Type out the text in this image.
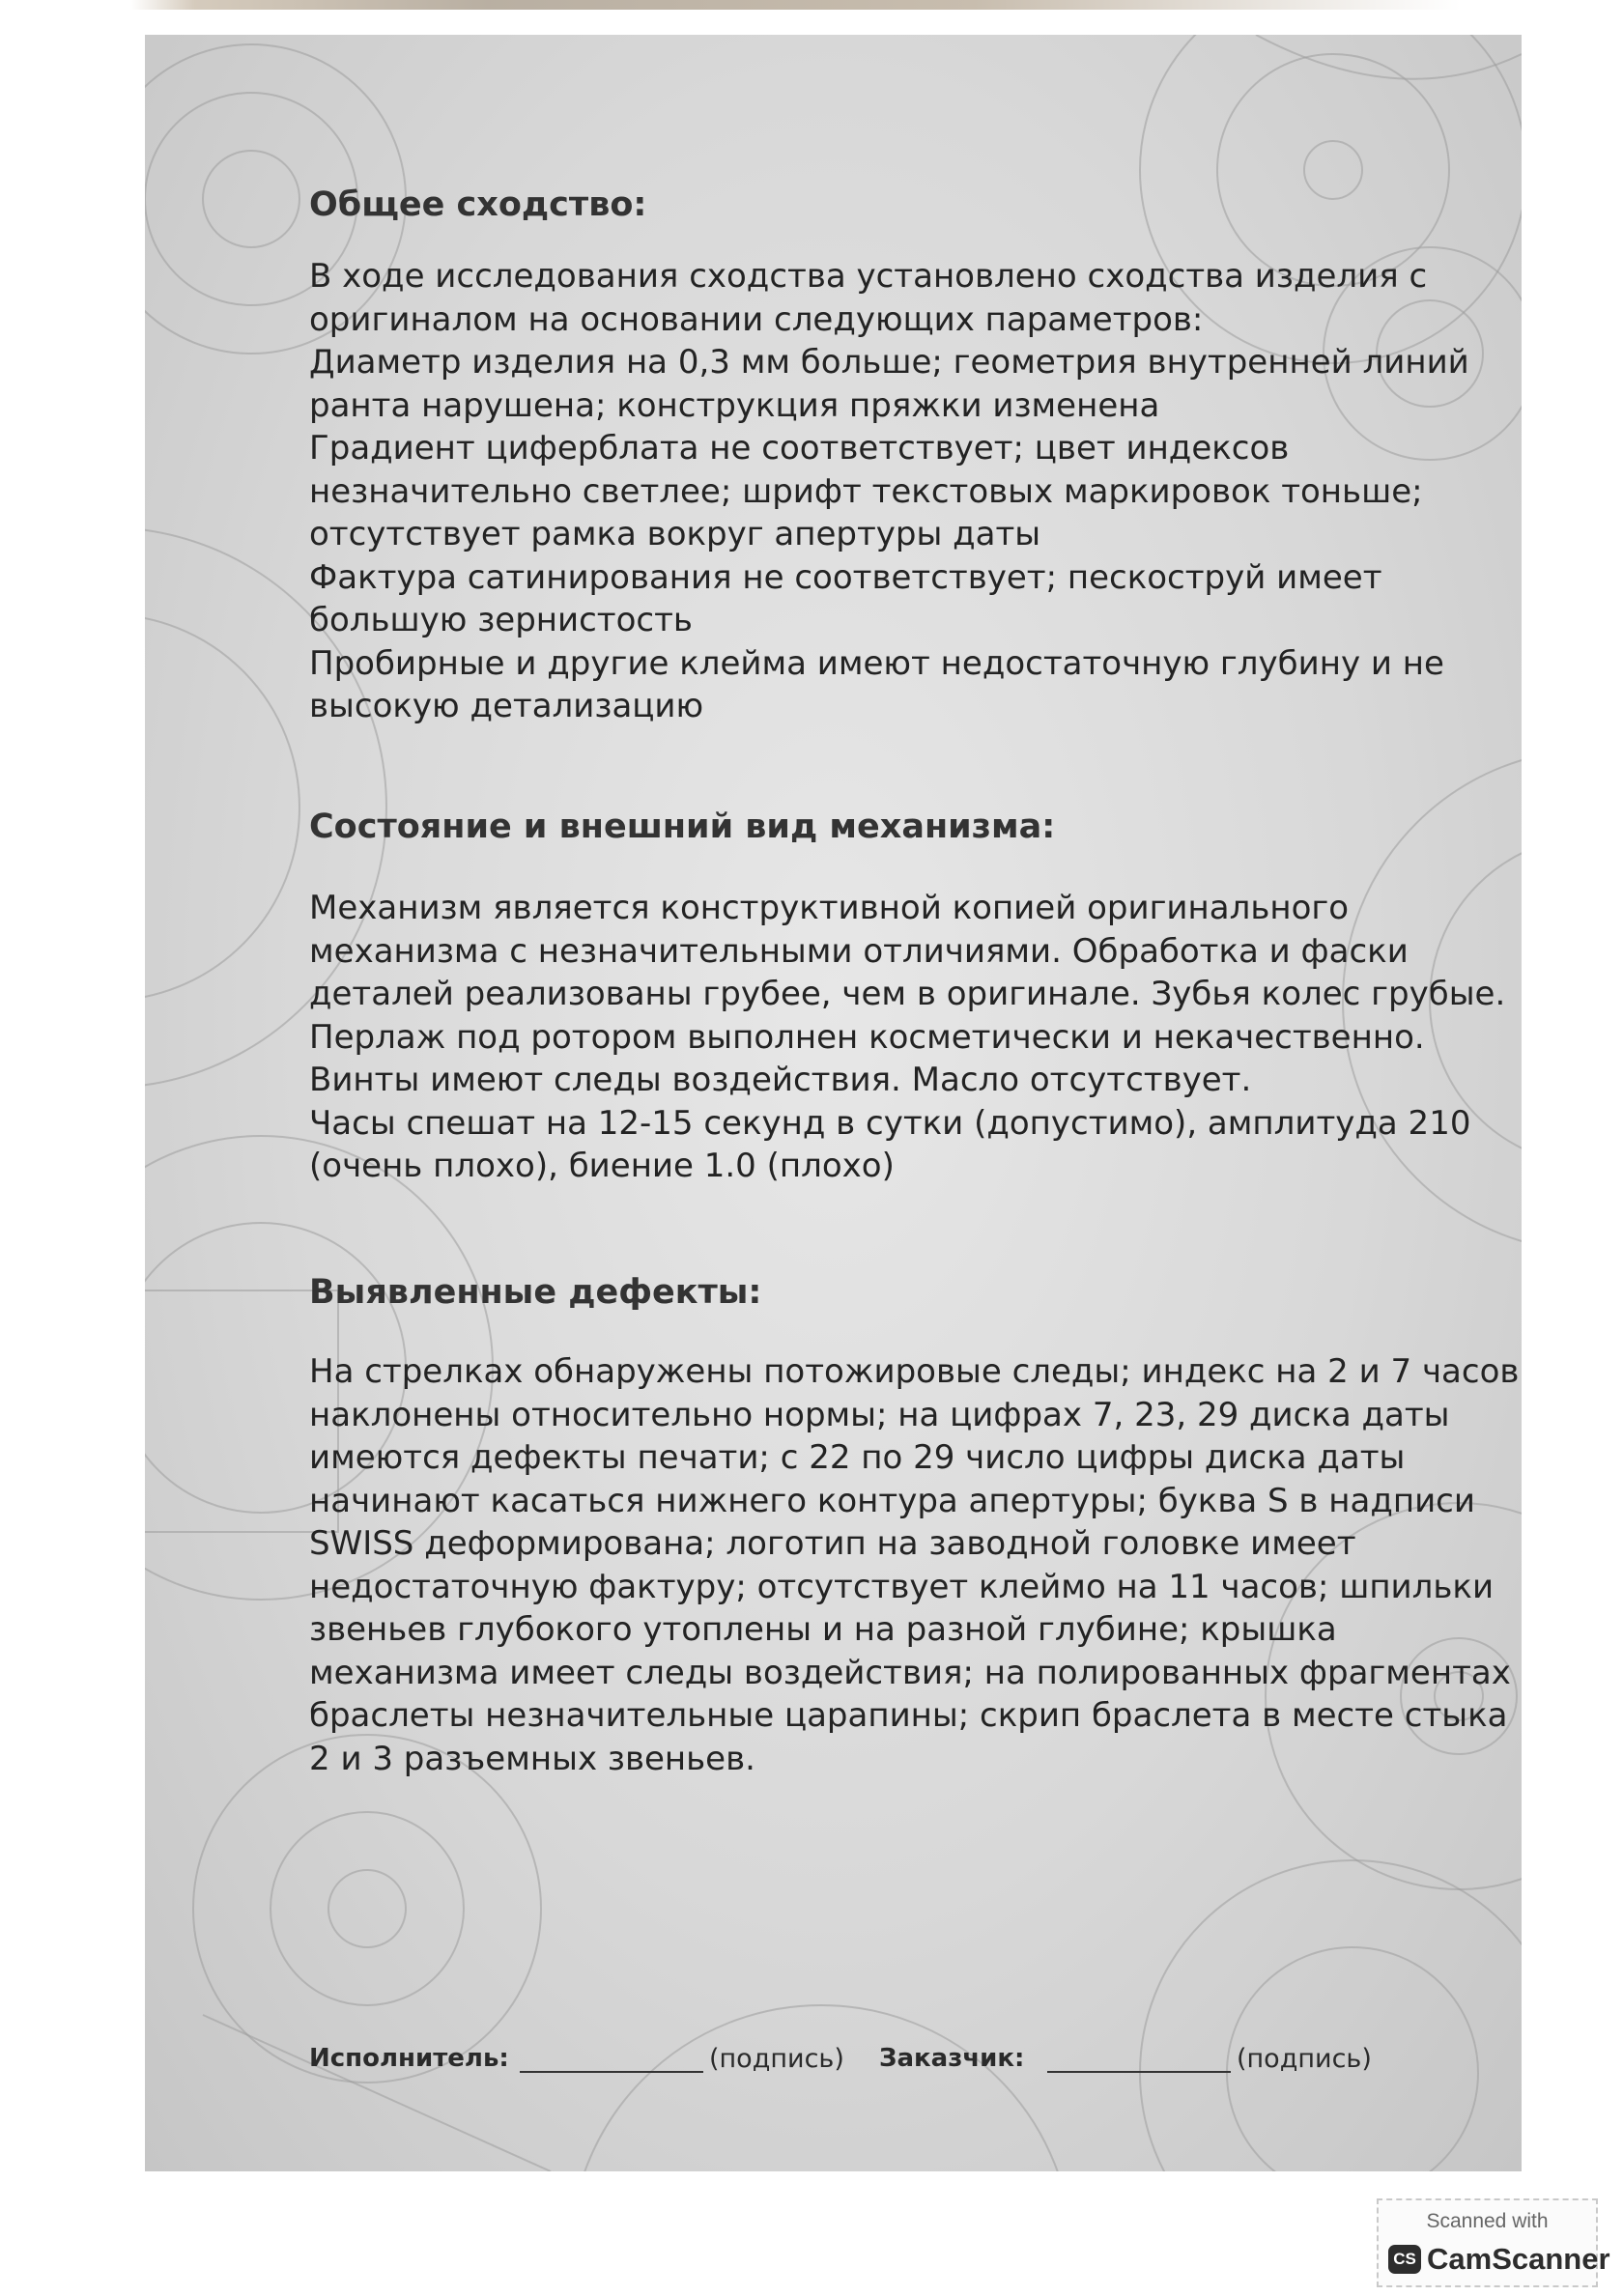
Общее сходство:
В ходе исследования сходства установлено сходства изделия с
оригиналом на основании следующих параметров:
Диаметр изделия на 0,3 мм больше; геометрия внутренней линий
ранта нарушена; конструкция пряжки изменена
Градиент циферблата не соответствует; цвет индексов
незначительно светлее; шрифт текстовых маркировок тоньше;
отсутствует рамка вокруг апертуры даты
Фактура сатинирования не соответствует; пескоструй имеет
большую зернистость
Пробирные и другие клейма имеют недостаточную глубину и не
высокую детализацию
Состояние и внешний вид механизма:
Механизм является конструктивной копией оригинального
механизма с незначительными отличиями. Обработка и фаски
деталей реализованы грубее, чем в оригинале. Зубья колес грубые.
Перлаж под ротором выполнен косметически и некачественно.
Винты имеют следы воздействия. Масло отсутствует.
Часы спешат на 12-15 секунд в сутки (допустимо), амплитуда 210
(очень плохо), биение 1.0 (плохо)
Выявленные дефекты:
На стрелках обнаружены потожировые следы; индекс на 2 и 7 часов
наклонены относительно нормы; на цифрах 7, 23, 29 диска даты
имеются дефекты печати; с 22 по 29 число цифры диска даты
начинают касаться нижнего контура апертуры; буква S в надписи
SWISS деформирована; логотип на заводной головке имеет
недостаточную фактуру; отсутствует клеймо на 11 часов; шпильки
звеньев глубокого утоплены и на разной глубине; крышка
механизма имеет следы воздействия; на полированных фрагментах
браслеты незначительные царапины; скрип браслета в месте стыка
2 и 3 разъемных звеньев.
Исполнитель:	(подпись) Заказчик:	(подпись)
Scanned with
CS CamScanner
